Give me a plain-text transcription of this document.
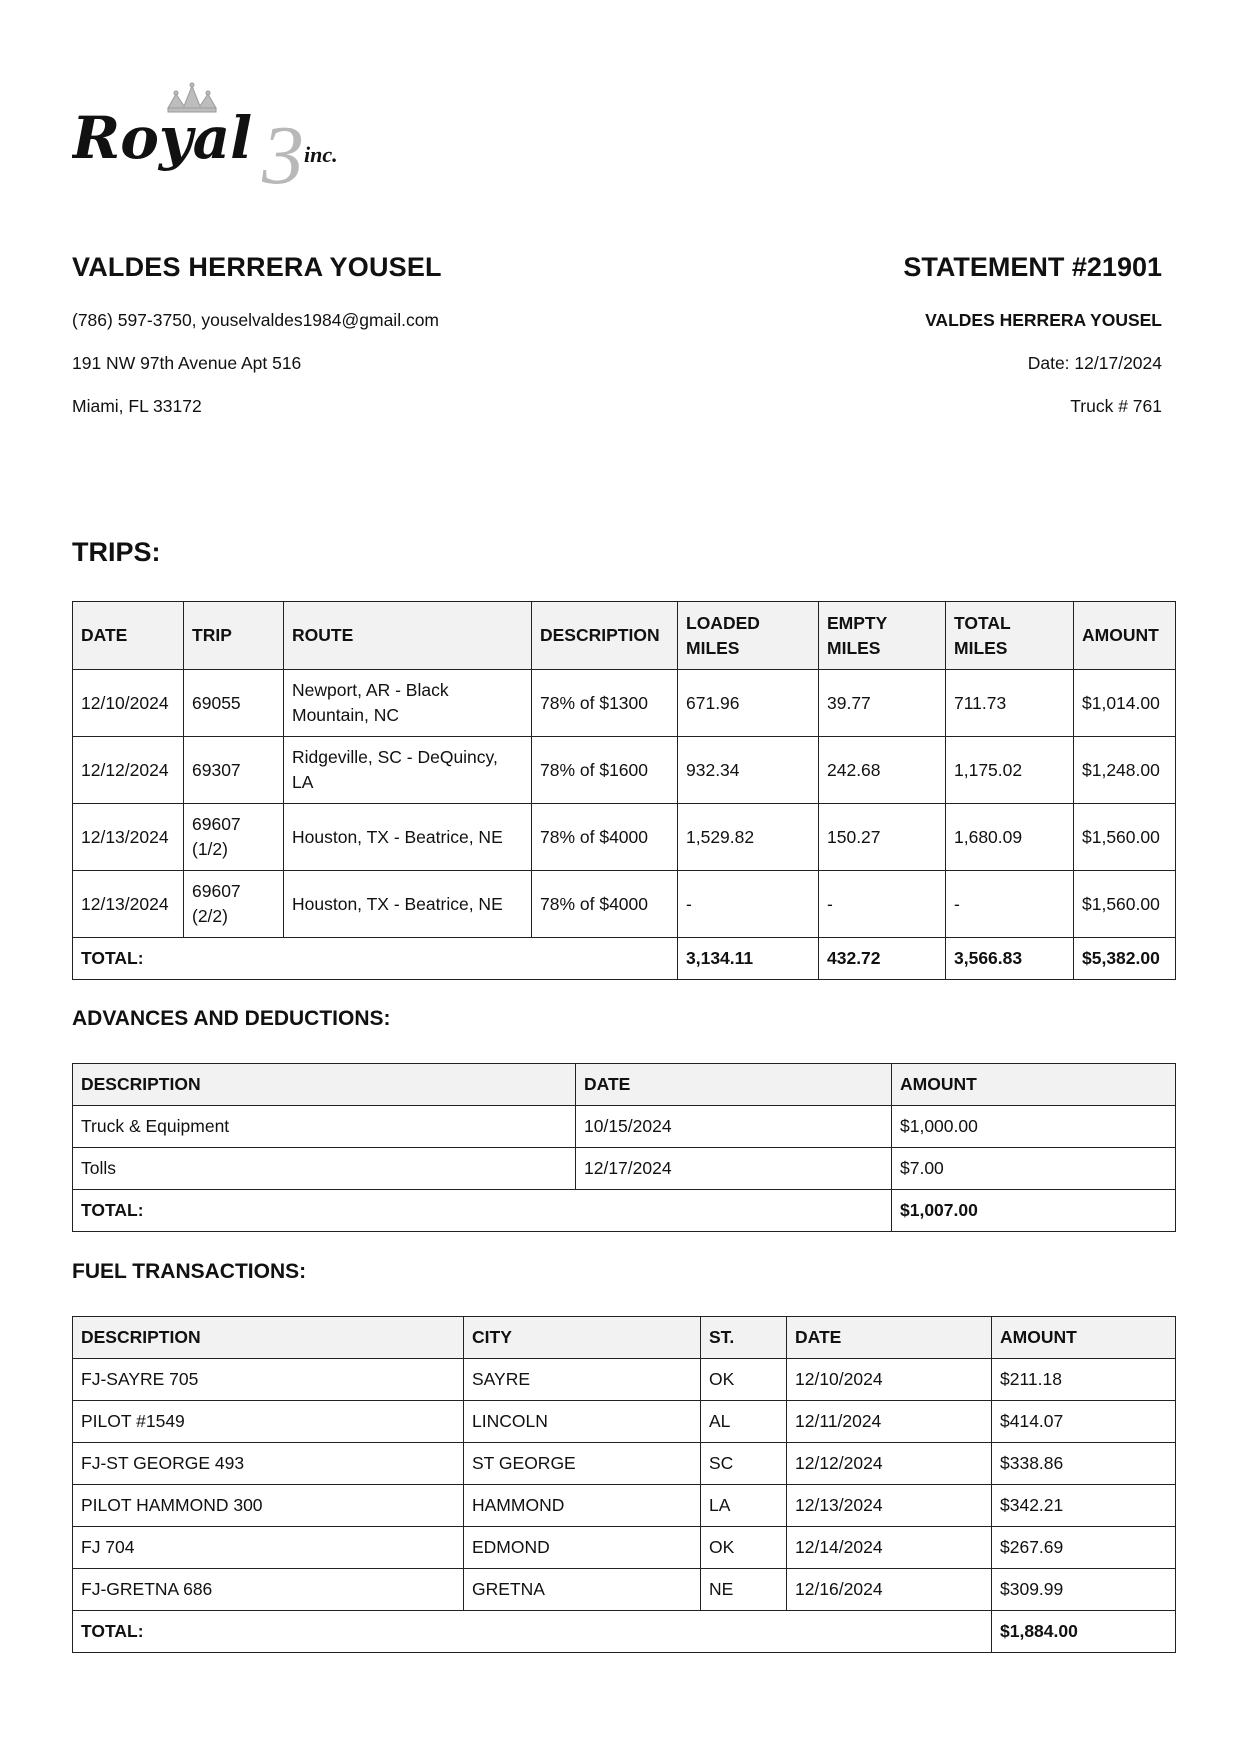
3
Royal inc.
VALDES HERRERA YOUSEL
(786) 597-3750, youselvaldes1984@gmail.com
191 NW 97th Avenue Apt 516
Miami, FL 33172
STATEMENT #21901
VALDES HERRERA YOUSEL
Date: 12/17/2024
Truck # 761
TRIPS:
DATE	TRIP	ROUTE	DESCRIPTION	LOADED MILES	EMPTY MILES	TOTAL MILES	AMOUNT
12/10/2024	69055	Newport, AR - Black Mountain, NC	78% of $1300	671.96	39.77	711.73	$1,014.00
12/12/2024	69307	Ridgeville, SC - DeQuincy, LA	78% of $1600	932.34	242.68	1,175.02	$1,248.00
12/13/2024	69607 (1/2)	Houston, TX - Beatrice, NE	78% of $4000	1,529.82	150.27	1,680.09	$1,560.00
12/13/2024	69607 (2/2)	Houston, TX - Beatrice, NE	78% of $4000	-	-	-	$1,560.00
TOTAL:				3,134.11	432.72	3,566.83	$5,382.00
ADVANCES AND DEDUCTIONS:
DESCRIPTION	DATE	AMOUNT
Truck & Equipment	10/15/2024	$1,000.00
Tolls	12/17/2024	$7.00
TOTAL:		$1,007.00
FUEL TRANSACTIONS:
DESCRIPTION	CITY	ST.	DATE	AMOUNT
FJ-SAYRE 705	SAYRE	OK	12/10/2024	$211.18
PILOT #1549	LINCOLN	AL	12/11/2024	$414.07
FJ-ST GEORGE 493	ST GEORGE	SC	12/12/2024	$338.86
PILOT HAMMOND 300	HAMMOND	LA	12/13/2024	$342.21
FJ 704	EDMOND	OK	12/14/2024	$267.69
FJ-GRETNA 686	GRETNA	NE	12/16/2024	$309.99
TOTAL:				$1,884.00
